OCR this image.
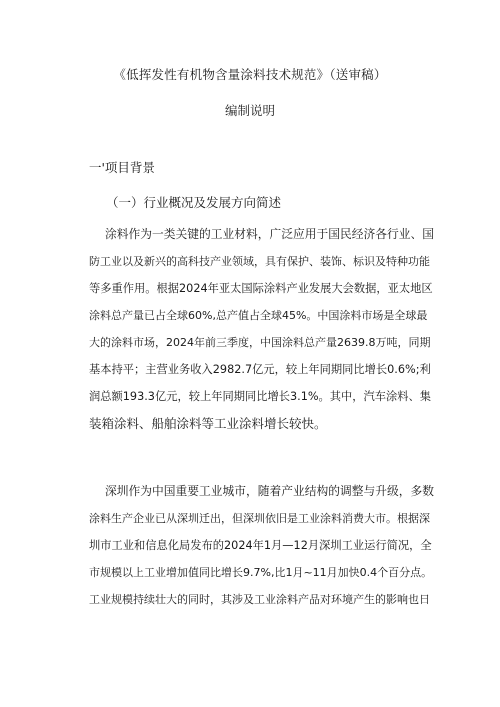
《低挥发性有机物含量涂料技术规范》（送审稿）
编制说明
一'项目背景
（一）行业概况及发展方向简述
涂料作为一类关键的工业材料，广泛应用于国民经济各行业、国
防工业以及新兴的高科技产业领域，具有保护、装饰、标识及特种功能
等多重作用。根据2024年亚太国际涂料产业发展大会数据，亚太地区
涂料总产量已占全球60%,总产值占全球45%。中国涂料市场是全球最
大的涂料市场，2024年前三季度，中国涂料总产量2639.8万吨，同期
基本持平；主营业务收入2982.7亿元，较上年同期同比增长0.6%;利
润总额193.3亿元，较上年同期同比增长3.1%。其中，汽车涂料、集
装箱涂料、船舶涂料等工业涂料增长较快。
深圳作为中国重要工业城市，随着产业结构的调整与升级，多数
涂料生产企业已从深圳迁出，但深圳依旧是工业涂料消费大市。根据深
圳市工业和信息化局发布的2024年1月—12月深圳工业运行简况，全
市规模以上工业增加值同比增长9.7%,比1月~11月加快0.4个百分点。
工业规模持续壮大的同时，其涉及工业涂料产品对环境产生的影响也日
